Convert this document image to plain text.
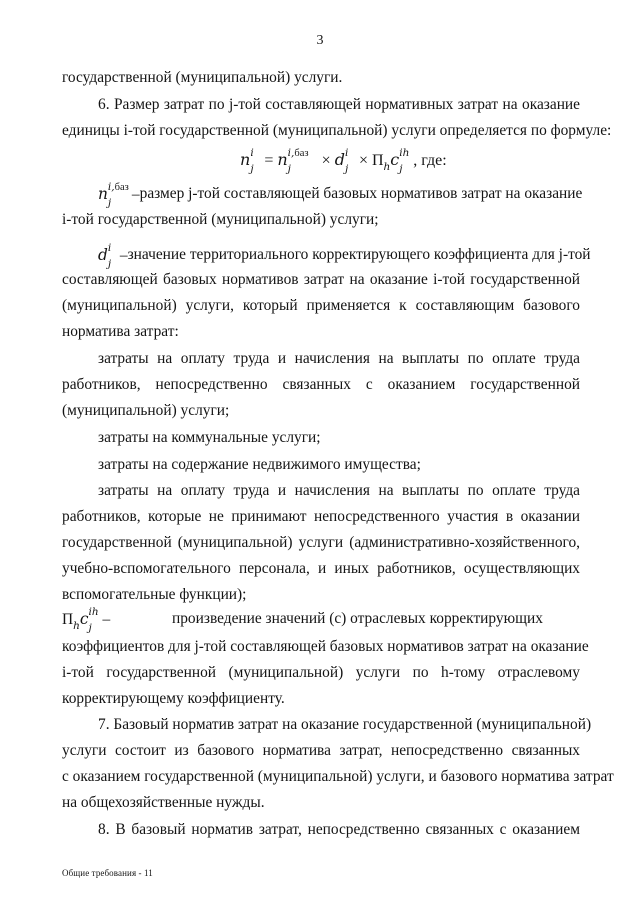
3
государственной (муниципальной) услуги.
6. Размер затрат по j-той составляющей нормативных затрат на оказание
единицы i-той государственной (муниципальной) услуги определяется по формуле:
n i
j = n i,баз
j × d i
$j \times \Pi_hc$ ih
j , где:
n i,баз
j – размер j-той составляющей базовых нормативов затрат на оказание
i-той государственной (муниципальной) услуги;
d i
j – значение территориального корректирующего коэффициента для j-той
составляющей базовых нормативов затрат на оказание i-той государственной
(муниципальной) услуги, который применяется к составляющим базового
норматива затрат:
затраты на оплату труда и начисления на выплаты по оплате труда
работников, непосредственно связанных с оказанием государственной
(муниципальной) услуги;
затраты на коммунальные услуги;
затраты на содержание недвижимого имущества;
затраты на оплату труда и начисления на выплаты по оплате труда
работников, которые не принимают непосредственного участия в оказании
государственной (муниципальной) услуги (административно-хозяйственного,
учебно-вспомогательного персонала, и иных работников, осуществляющих
вспомогательные функции);
$\Pi_hc$ ih
j –	произведение значений (c) отраслевых корректирующих
коэффициентов для j-той составляющей базовых нормативов затрат на оказание
i-той государственной (муниципальной) услуги по h-тому отраслевому
корректирующему коэффициенту.
7. Базовый норматив затрат на оказание государственной (муниципальной)
услуги состоит из базового норматива затрат, непосредственно связанных
с оказанием государственной (муниципальной) услуги, и базового норматива затрат
на общехозяйственные нужды.
8. В базовый норматив затрат, непосредственно связанных с оказанием
Общие требования - 11
